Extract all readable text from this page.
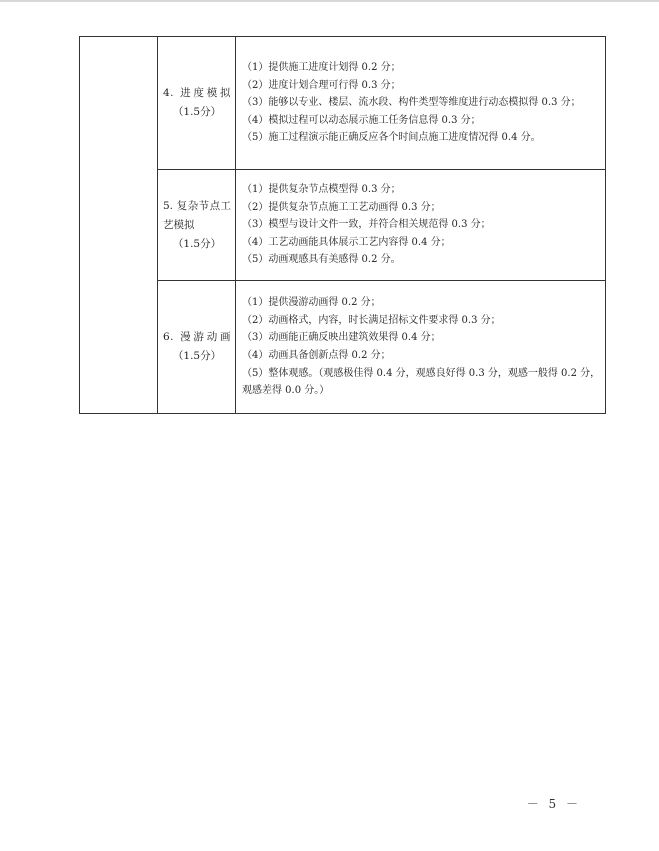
	4. 进度模拟
（1.5分）	（1）提供施工进度计划得 0.2 分；
（2）进度计划合理可行得 0.3 分；
（3）能够以专业、楼层、流水段、构件类型等维度进行动态模拟得 0.3 分；
（4）模拟过程可以动态展示施工任务信息得 0.3 分；
（5）施工过程演示能正确反应各个时间点施工进度情况得 0.4 分。

	5. 复杂节点工艺模拟
（1.5分）	（1）提供复杂节点模型得 0.3 分；
（2）提供复杂节点施工工艺动画得 0.3 分；
（3）模型与设计文件一致，并符合相关规范得 0.3 分；
（4）工艺动画能具体展示工艺内容得 0.4 分；
（5）动画观感具有美感得 0.2 分。

	6. 漫游动画
（1.5分）	（1）提供漫游动画得 0.2 分；
（2）动画格式，内容，时长满足招标文件要求得 0.3 分；
（3）动画能正确反映出建筑效果得 0.4 分；
（4）动画具备创新点得 0.2 分；
（5）整体观感。（观感极佳得 0.4 分，观感良好得 0.3 分，观感一般得 0.2 分，观感差得 0.0 分。）
－ 5 －
